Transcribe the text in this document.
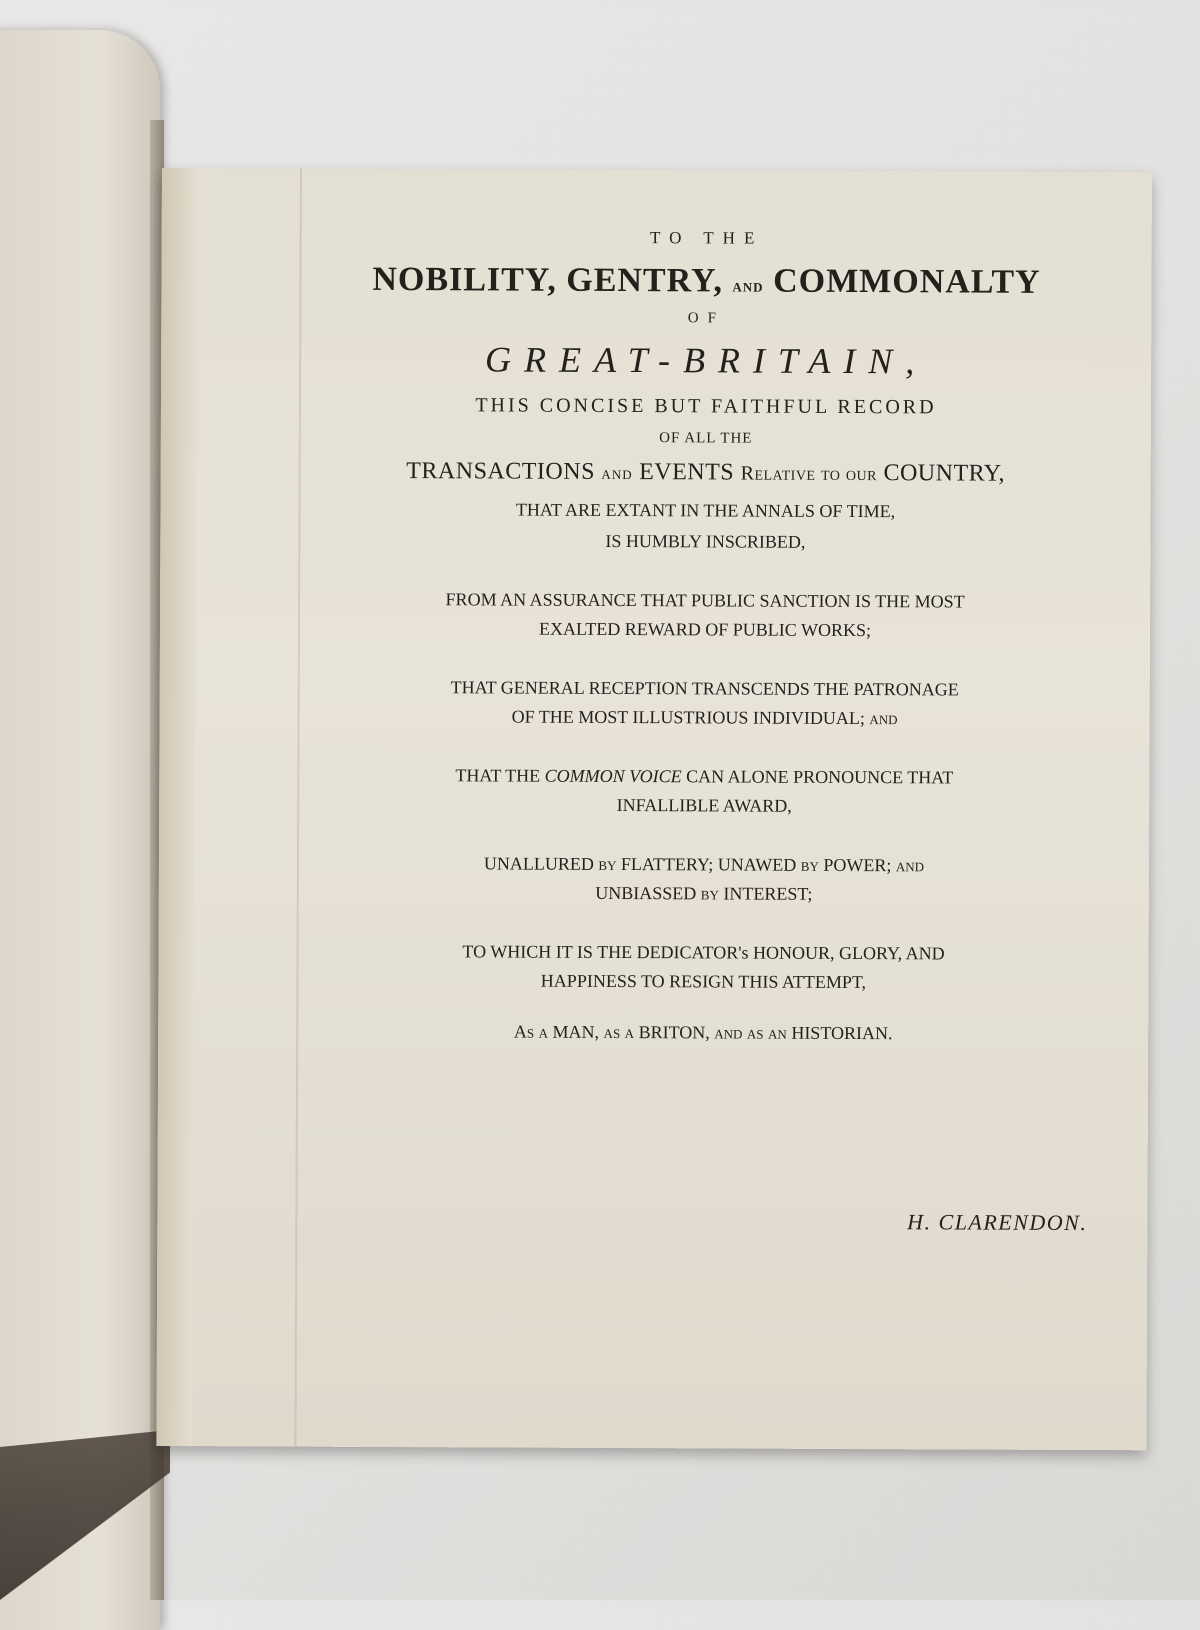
TO THE
NOBILITY, GENTRY, AND COMMONALTY
OF
GREAT-BRITAIN,
THIS CONCISE BUT FAITHFUL RECORD
OF ALL THE
TRANSACTIONS AND EVENTS Relative to our COUNTRY,
THAT ARE EXTANT IN THE ANNALS OF TIME,
IS HUMBLY INSCRIBED,
FROM AN ASSURANCE THAT PUBLIC SANCTION IS THE MOST
EXALTED REWARD OF PUBLIC WORKS;
THAT GENERAL RECEPTION TRANSCENDS THE PATRONAGE
OF THE MOST ILLUSTRIOUS INDIVIDUAL; and
THAT THE COMMON VOICE CAN ALONE PRONOUNCE THAT
INFALLIBLE AWARD,
UNALLURED by FLATTERY; UNAWED by POWER; and
UNBIASSED by INTEREST;
TO WHICH IT IS THE DEDICATOR's HONOUR, GLORY, AND
HAPPINESS TO RESIGN THIS ATTEMPT,
As a MAN, as a BRITON, and as an HISTORIAN.
H. CLARENDON.
